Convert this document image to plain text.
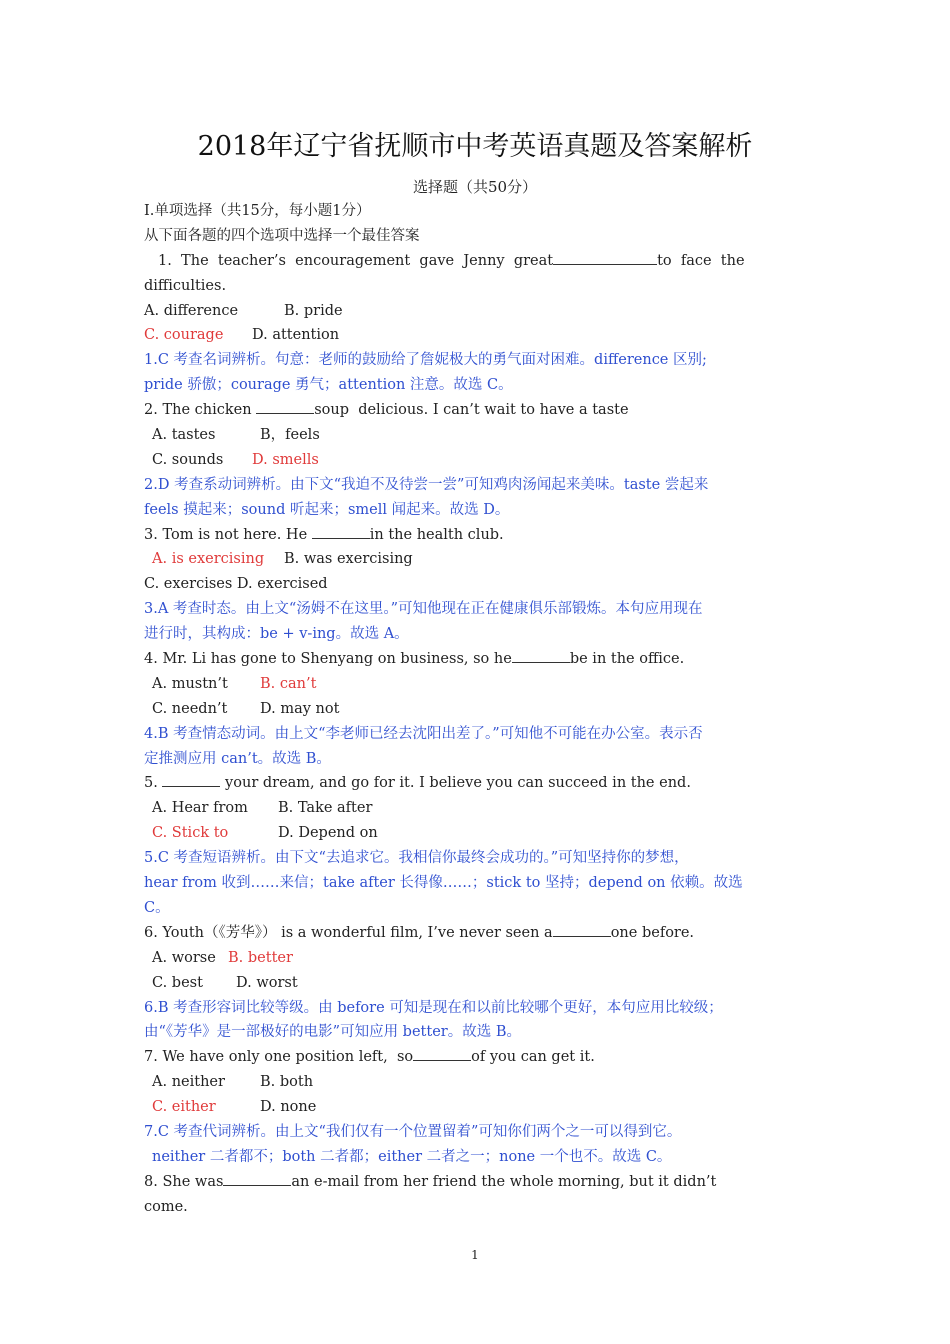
2018年辽宁省抚顺市中考英语真题及答案解析
选择题（共50分）
I.单项选择（共15分，每小题1分）
从下面各题的四个选项中选择一个最佳答案
1.  The  teacher’s  encouragement  gave  Jenny  great	to  face  the
difficulties.
A. difference	B. pride
C. courage D. attention
1.C 考查名词辨析。句意：老师的鼓励给了詹妮极大的勇气面对困难。difference 区别;
pride 骄傲；courage 勇气；attention 注意。故选 C。
2. The chicken	soup  delicious. I can’t wait to have a taste
A. tastes	B，feels
C. sounds D. smells
2.D 考查系动词辨析。由下文“我迫不及待尝一尝”可知鸡肉汤闻起来美味。taste 尝起来
feels 摸起来；sound 听起来；smell 闻起来。故选 D。
3. Tom is not here. He	in the health club.
A. is exercising B. was exercising
C. exercises D. exercised
3.A 考查时态。由上文“汤姆不在这里。”可知他现在正在健康俱乐部锻炼。本句应用现在
进行时，其构成：be + v-ing。故选 A。
4. Mr. Li has gone to Shenyang on business, so he	be in the office.
A. mustn’t B. can’t
C. needn’t D. may not
4.B 考查情态动词。由上文“李老师已经去沈阳出差了。”可知他不可能在办公室。表示否
定推测应用 can’t。故选 B。
5.	your dream, and go for it. I believe you can succeed in the end.
A. Hear from B. Take after
C. Stick to	D. Depend on
5.C 考查短语辨析。由下文“去追求它。我相信你最终会成功的。”可知坚持你的梦想，
hear from 收到……来信；take after 长得像……；stick to 坚持；depend on 依赖。故选
C。
6. Youth（《芳华》） is a wonderful film, I’ve never seen a	one before.
A. worse B. better
C. best D. worst
6.B 考查形容词比较等级。由 before 可知是现在和以前比较哪个更好，本句应用比较级；
由“《芳华》是一部极好的电影”可知应用 better。故选 B。
7. We have only one position left,  so	of you can get it.
A. neither B. both
C. either	D. none
7.C 考查代词辨析。由上文“我们仅有一个位置留着”可知你们两个之一可以得到它。
neither 二者都不；both 二者都；either 二者之一；none 一个也不。故选 C。
8. She was	an e-mail from her friend the whole morning, but it didn’t
come.
1
